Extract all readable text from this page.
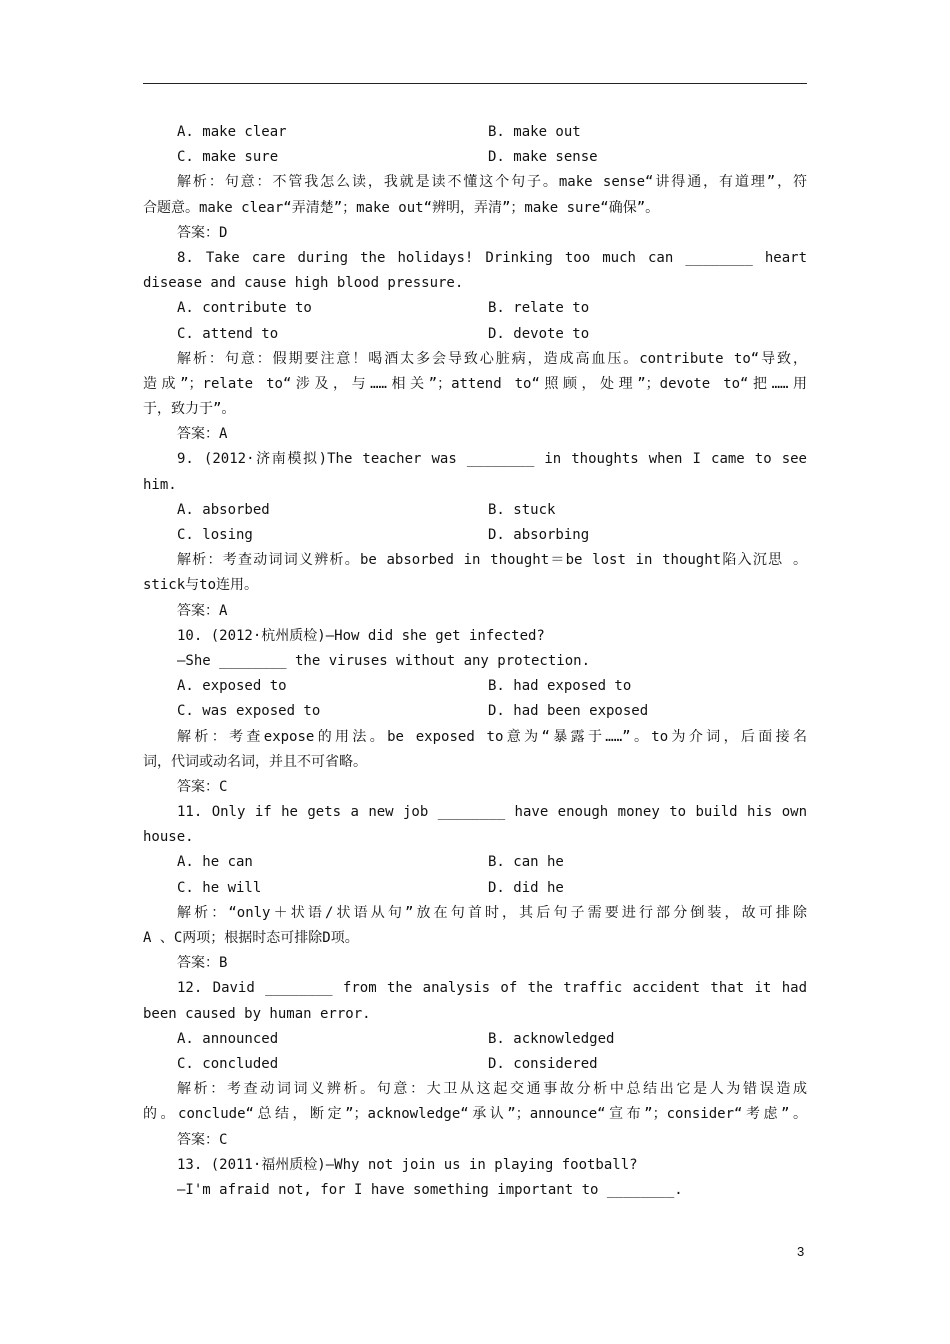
A. make clear	B. make out
C. make sure	D. make sense
解析：句意：不管我怎么读，我就是读不懂这个句子。make sense“讲得通，有道理”，符
合题意。make clear“弄清楚”；make out“辨明，弄清”；make sure“确保”。
答案：D
8. Take care during the holidays! Drinking too much can ________ heart
disease and cause high blood pressure.
A. contribute to	B. relate to
C. attend to	D. devote to
解析：句意：假期要注意！喝酒太多会导致心脏病，造成高血压。contribute to“导致，
造成”；relate to“涉及，与……相关”；attend to“照顾，处理”；devote to“把……用
于，致力于”。
答案：A
9. (2012·济南模拟)The teacher was ________ in thoughts when I came to see
him.
A. absorbed	B. stuck
C. losing	D. absorbing
解析：考查动词词义辨析。be absorbed in thought＝be lost in thought陷入沉思 。
stick与to连用。
答案：A
10. (2012·杭州质检)—How did she get infected?
—She ________ the viruses without any protection.
A. exposed to	B. had exposed to
C. was exposed to	D. had been exposed
解析：考查expose的用法。be exposed to意为“暴露于……”。to为介词，后面接名
词，代词或动名词，并且不可省略。
答案：C
11. Only if he gets a new job ________ have enough money to build his own
house.
A. he can	B. can he
C. he will	D. did he
解析：“only＋状语/状语从句”放在句首时，其后句子需要进行部分倒装，故可排除
A 、C两项；根据时态可排除D项。
答案：B
12. David ________ from the analysis of the traffic accident that it had
been caused by human error.
A. announced	B. acknowledged
C. concluded	D. considered
解析：考查动词词义辨析。句意：大卫从这起交通事故分析中总结出它是人为错误造成
的。conclude“总结，断定”；acknowledge“承认”；announce“宣布”；consider“考虑”。
答案：C
13. (2011·福州质检)—Why not join us in playing football?
—I'm afraid not, for I have something important to ________.
3
